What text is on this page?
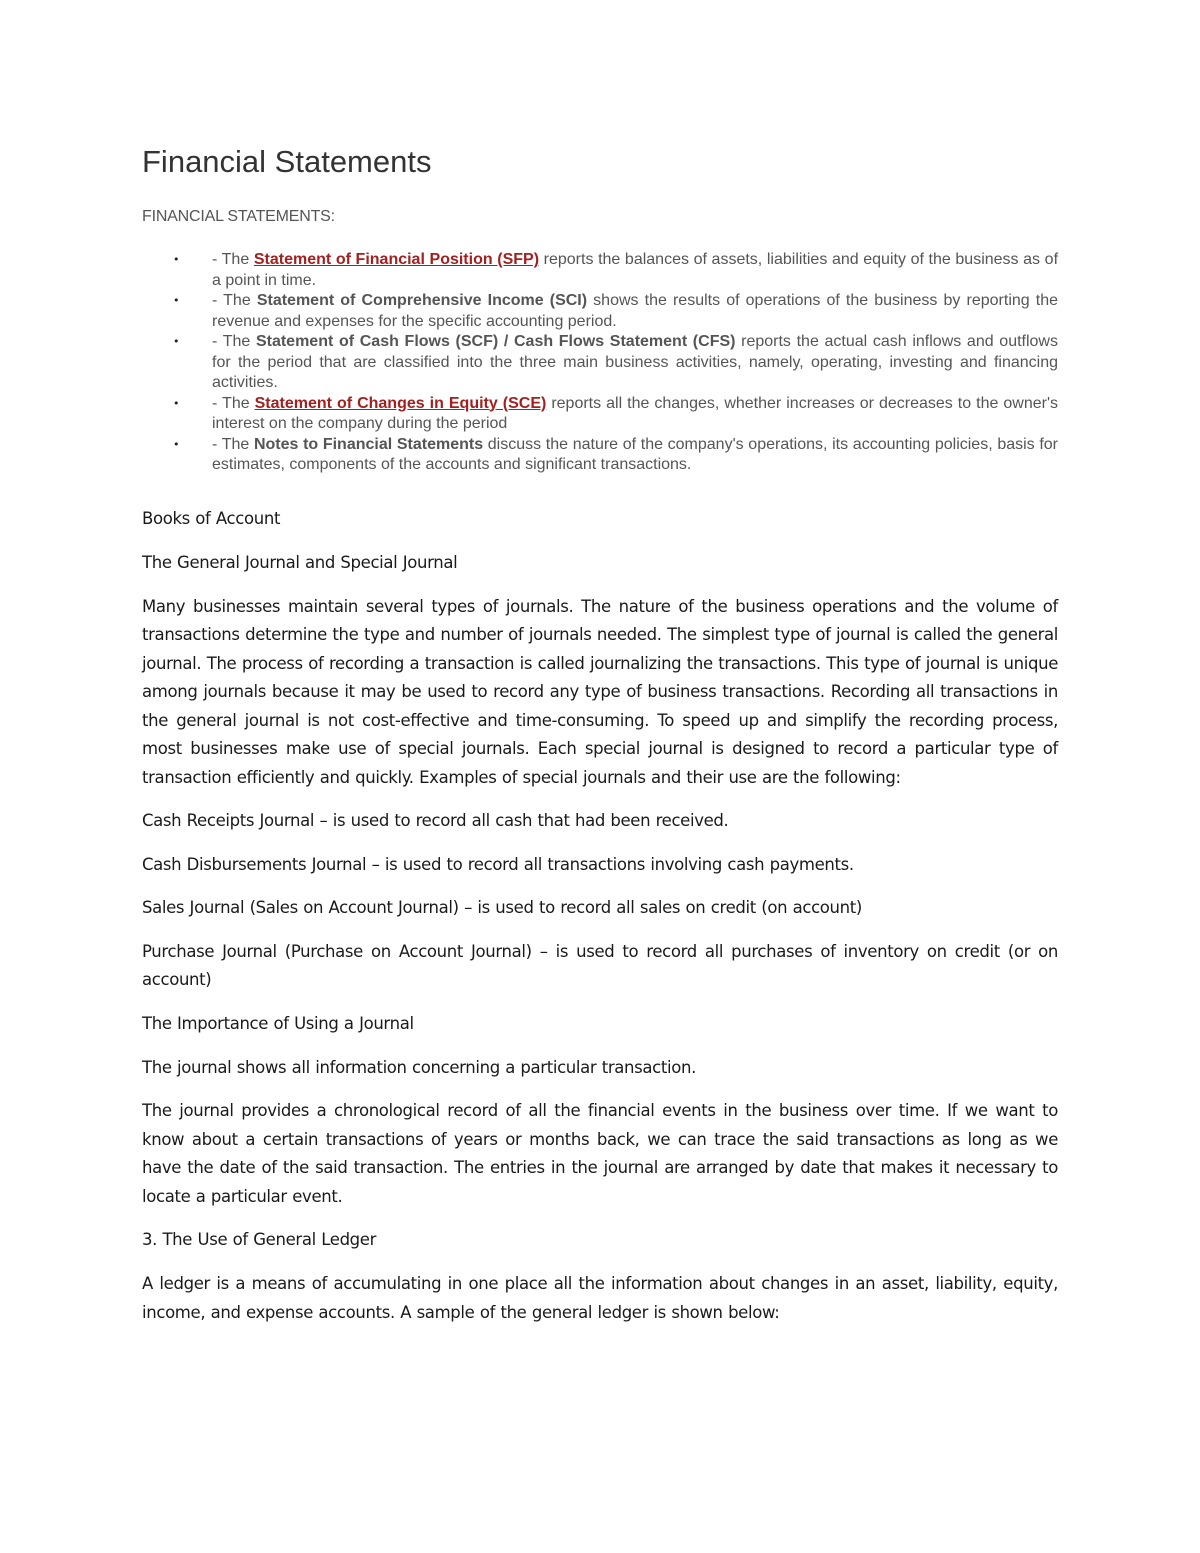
Financial Statements
FINANCIAL STATEMENTS:
• - The Statement of Financial Position (SFP) reports the balances of assets, liabilities and equity of the business as of a point in time.
• - The Statement of Comprehensive Income (SCI) shows the results of operations of the business by reporting the revenue and expenses for the specific accounting period.
• - The Statement of Cash Flows (SCF) / Cash Flows Statement (CFS) reports the actual cash inflows and outflows for the period that are classified into the three main business activities, namely, operating, investing and financing activities.
• - The Statement of Changes in Equity (SCE) reports all the changes, whether increases or decreases to the owner's interest on the company during the period
• - The Notes to Financial Statements discuss the nature of the company's operations, its accounting policies, basis for estimates, components of the accounts and significant transactions.

Books of Account

The General Journal and Special Journal

Many businesses maintain several types of journals. The nature of the business operations and the volume of transactions determine the type and number of journals needed. The simplest type of journal is called the general journal. The process of recording a transaction is called journalizing the transactions. This type of journal is unique among journals because it may be used to record any type of business transactions. Recording all transactions in the general journal is not cost-effective and time-consuming. To speed up and simplify the recording process, most businesses make use of special journals. Each special journal is designed to record a particular type of transaction efficiently and quickly. Examples of special journals and their use are the following:

Cash Receipts Journal – is used to record all cash that had been received.

Cash Disbursements Journal – is used to record all transactions involving cash payments.

Sales Journal (Sales on Account Journal) – is used to record all sales on credit (on account)

Purchase Journal (Purchase on Account Journal) – is used to record all purchases of inventory on credit (or on account)

The Importance of Using a Journal

The journal shows all information concerning a particular transaction.

The journal provides a chronological record of all the financial events in the business over time. If we want to know about a certain transactions of years or months back, we can trace the said transactions as long as we have the date of the said transaction. The entries in the journal are arranged by date that makes it necessary to locate a particular event.

3. The Use of General Ledger

A ledger is a means of accumulating in one place all the information about changes in an asset, liability, equity, income, and expense accounts. A sample of the general ledger is shown below:
